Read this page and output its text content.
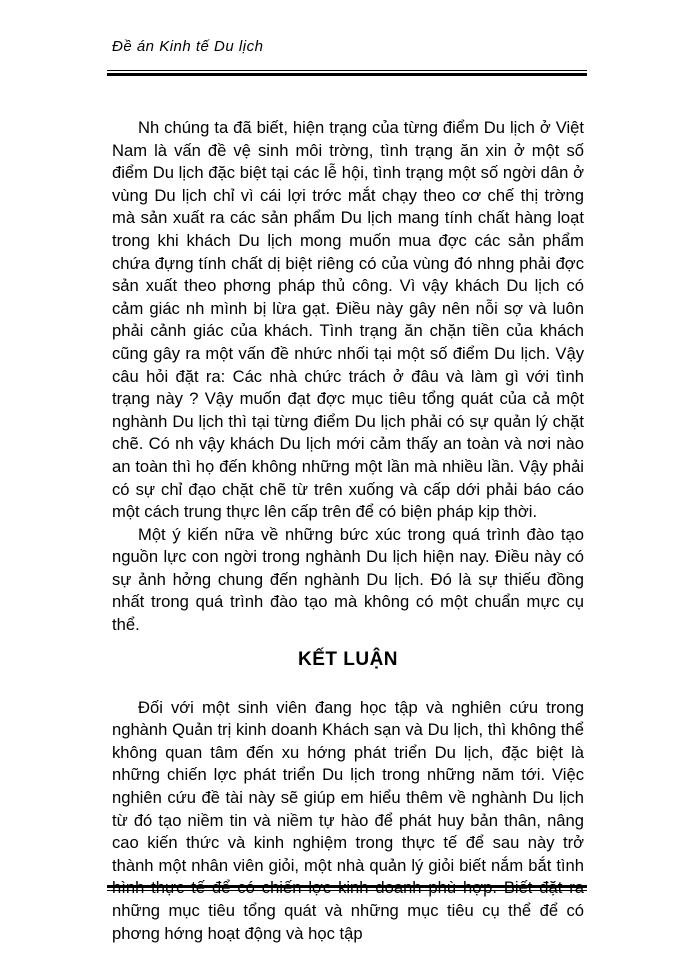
Đề án Kinh tế Du lịch

Nh chúng ta đã biết, hiện trạng của từng điểm Du lịch ở Việt Nam là vấn đề vệ sinh môi trờng, tình trạng ăn xin ở một số điểm Du lịch đặc biệt tại các lễ hội, tình trạng một số ngời dân ở vùng Du lịch chỉ vì cái lợi trớc mắt chạy theo cơ chế thị trờng mà sản xuất ra các sản phẩm Du lịch mang tính chất hàng loạt trong khi khách Du lịch mong muốn mua đợc các sản phẩm chứa đựng tính chất dị biệt riêng có của vùng đó nhng phải đợc sản xuất theo phơng pháp thủ công. Vì vậy khách Du lịch có cảm giác nh mình bị lừa gạt. Điều này gây nên nỗi sợ và luôn phải cảnh giác của khách. Tình trạng ăn chặn tiền của khách cũng gây ra một vấn đề nhức nhối tại một số điểm Du lịch. Vậy câu hỏi đặt ra: Các nhà chức trách ở đâu và làm gì với tình trạng này ? Vậy muốn đạt đợc mục tiêu tổng quát của cả một nghành Du lịch thì tại từng điểm Du lịch phải có sự quản lý chặt chẽ. Có nh vậy khách Du lịch mới cảm thấy an toàn và nơi nào an toàn thì họ đến không những một lần mà nhiều lần. Vậy phải có sự chỉ đạo chặt chẽ từ trên xuống và cấp dới phải báo cáo một cách trung thực lên cấp trên để có biện pháp kịp thời.

Một ý kiến nữa về những bức xúc trong quá trình đào tạo nguồn lực con ngời trong nghành Du lịch hiện nay. Điều này có sự ảnh hởng chung đến nghành Du lịch. Đó là sự thiếu đồng nhất trong quá trình đào tạo mà không có một chuẩn mực cụ thể.

KẾT LUẬN

Đối với một sinh viên đang học tập và nghiên cứu trong nghành Quản trị kinh doanh Khách sạn và Du lịch, thì không thể không quan tâm đến xu hớng phát triển Du lịch, đặc biệt là những chiến lợc phát triển Du lịch trong những năm tới. Việc nghiên cứu đề tài này sẽ giúp em hiểu thêm về nghành Du lịch từ đó tạo niềm tin và niềm tự hào để phát huy bản thân, nâng cao kiến thức và kinh nghiệm trong thực tế để sau này trở thành một nhân viên giỏi, một nhà quản lý giỏi biết nắm bắt tình những mục tiêu tổng quát và những mục tiêu cụ thể để có phơng hớng hoạt động và học tập
